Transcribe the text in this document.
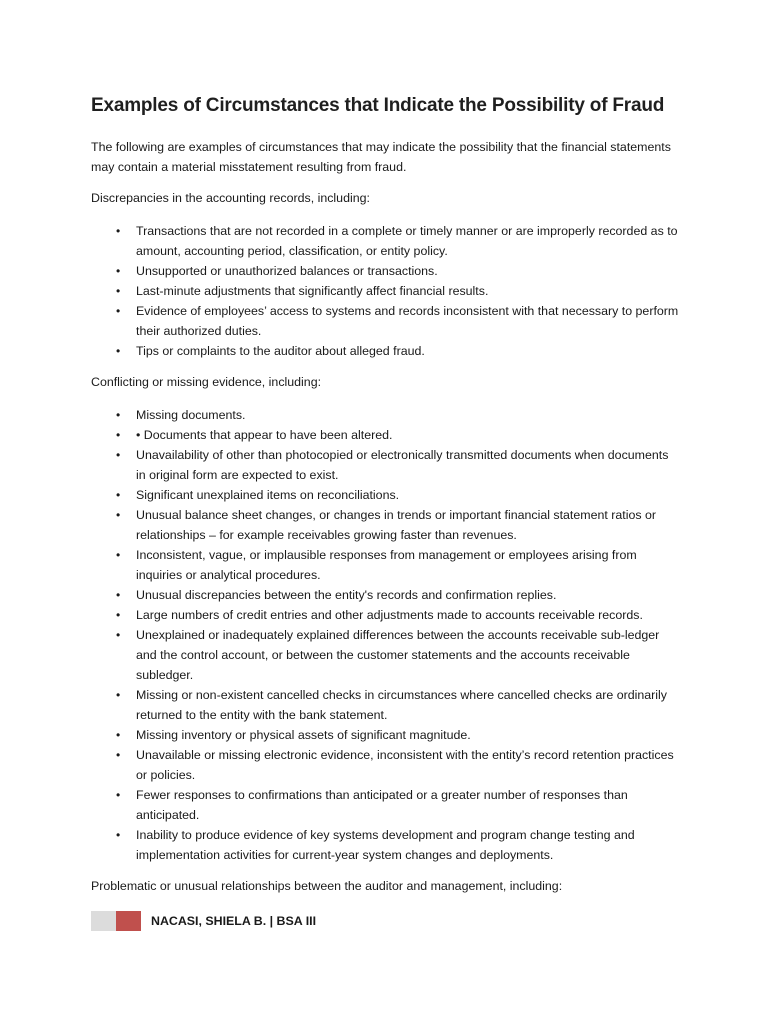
Examples of Circumstances that Indicate the Possibility of Fraud

The following are examples of circumstances that may indicate the possibility that the financial statements may contain a material misstatement resulting from fraud.

Discrepancies in the accounting records, including:

• Transactions that are not recorded in a complete or timely manner or are improperly recorded as to amount, accounting period, classification, or entity policy.
• Unsupported or unauthorized balances or transactions.
• Last-minute adjustments that significantly affect financial results.
• Evidence of employees’ access to systems and records inconsistent with that necessary to perform their authorized duties.
• Tips or complaints to the auditor about alleged fraud.

Conflicting or missing evidence, including:

• Missing documents.
• • Documents that appear to have been altered.
• Unavailability of other than photocopied or electronically transmitted documents when documents in original form are expected to exist.
• Significant unexplained items on reconciliations.
• Unusual balance sheet changes, or changes in trends or important financial statement ratios or relationships – for example receivables growing faster than revenues.
• Inconsistent, vague, or implausible responses from management or employees arising from inquiries or analytical procedures.
• Unusual discrepancies between the entity's records and confirmation replies.
• Large numbers of credit entries and other adjustments made to accounts receivable records.
• Unexplained or inadequately explained differences between the accounts receivable sub-ledger and the control account, or between the customer statements and the accounts receivable subledger.
• Missing or non-existent cancelled checks in circumstances where cancelled checks are ordinarily returned to the entity with the bank statement.
• Missing inventory or physical assets of significant magnitude.
• Unavailable or missing electronic evidence, inconsistent with the entity’s record retention practices or policies.
• Fewer responses to confirmations than anticipated or a greater number of responses than anticipated.
• Inability to produce evidence of key systems development and program change testing and implementation activities for current-year system changes and deployments.

Problematic or unusual relationships between the auditor and management, including:

NACASI, SHIELA B. | BSA III
